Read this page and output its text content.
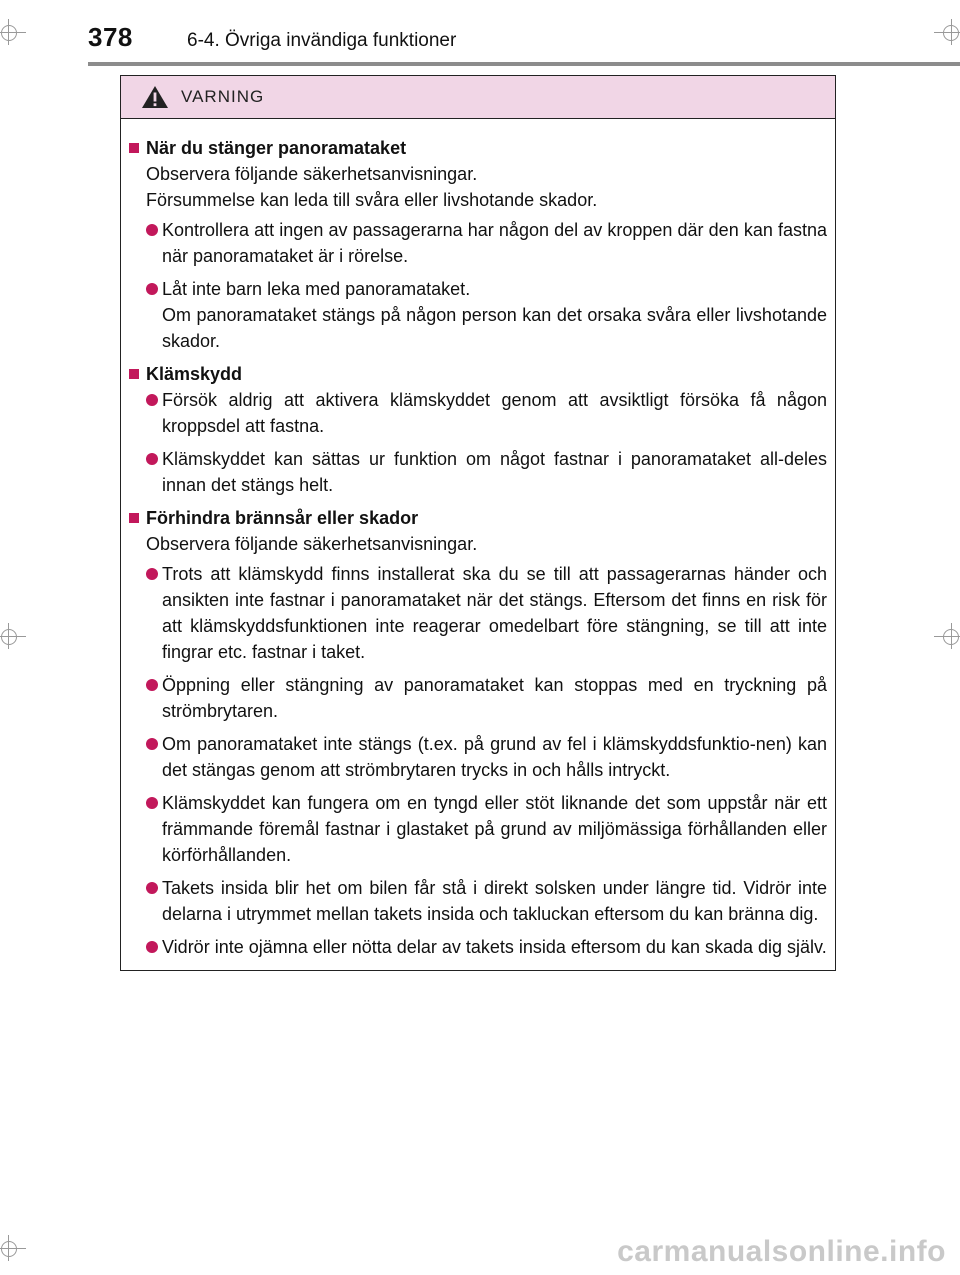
378	6-4. Övriga invändiga funktioner
VARNING
När du stänger panoramataket
Observera följande säkerhetsanvisningar.
Försummelse kan leda till svåra eller livshotande skador.
Kontrollera att ingen av passagerarna har någon del av kroppen där den kan fastna när panoramataket är i rörelse.
Låt inte barn leka med panoramataket.
Om panoramataket stängs på någon person kan det orsaka svåra eller livshotande skador.
Klämskydd
Försök aldrig att aktivera klämskyddet genom att avsiktligt försöka få någon kroppsdel att fastna.
Klämskyddet kan sättas ur funktion om något fastnar i panoramataket all-deles innan det stängs helt.
Förhindra brännsår eller skador
Observera följande säkerhetsanvisningar.
Trots att klämskydd finns installerat ska du se till att passagerarnas händer och ansikten inte fastnar i panoramataket när det stängs. Eftersom det finns en risk för att klämskyddsfunktionen inte reagerar omedelbart före stängning, se till att inte fingrar etc. fastnar i taket.
Öppning eller stängning av panoramataket kan stoppas med en tryckning på strömbrytaren.
Om panoramataket inte stängs (t.ex. på grund av fel i klämskyddsfunktio-nen) kan det stängas genom att strömbrytaren trycks in och hålls intryckt.
Klämskyddet kan fungera om en tyngd eller stöt liknande det som uppstår när ett främmande föremål fastnar i glastaket på grund av miljömässiga förhållanden eller körförhållanden.
Takets insida blir het om bilen får stå i direkt solsken under längre tid. Vidrör inte delarna i utrymmet mellan takets insida och takluckan eftersom du kan bränna dig.
Vidrör inte ojämna eller nötta delar av takets insida eftersom du kan skada dig själv.
carmanualsonline.info
